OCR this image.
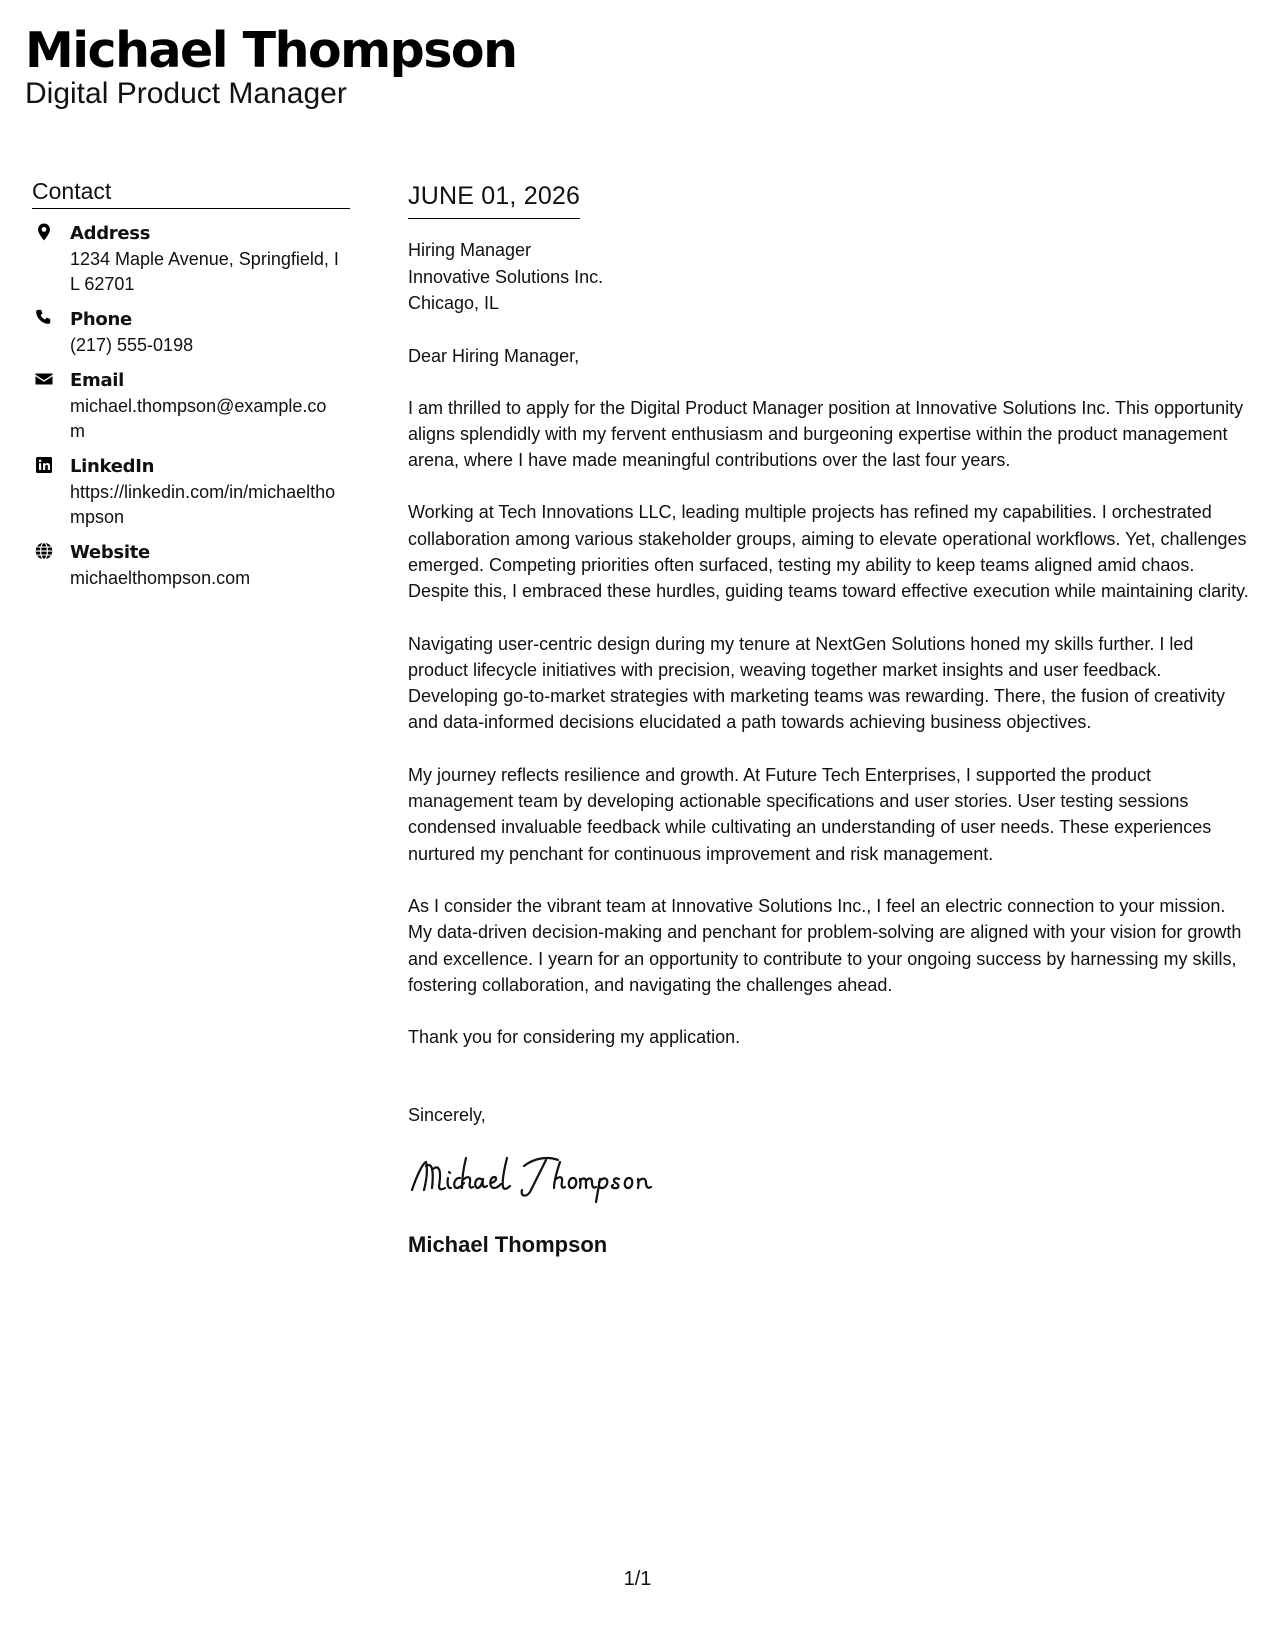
Michael Thompson
Digital Product Manager
Contact
Address
1234 Maple Avenue, Springfield, IL 62701
Phone
(217) 555-0198
Email
michael.thompson@example.com
LinkedIn
https://linkedin.com/in/michaelthompson
Website
michaelthompson.com
JUNE 01, 2026
Hiring Manager
Innovative Solutions Inc.
Chicago, IL
Dear Hiring Manager,
I am thrilled to apply for the Digital Product Manager position at Innovative Solutions Inc. This opportunity aligns splendidly with my fervent enthusiasm and burgeoning expertise within the product management arena, where I have made meaningful contributions over the last four years.
Working at Tech Innovations LLC, leading multiple projects has refined my capabilities. I orchestrated collaboration among various stakeholder groups, aiming to elevate operational workflows. Yet, challenges emerged. Competing priorities often surfaced, testing my ability to keep teams aligned amid chaos. Despite this, I embraced these hurdles, guiding teams toward effective execution while maintaining clarity.
Navigating user-centric design during my tenure at NextGen Solutions honed my skills further. I led product lifecycle initiatives with precision, weaving together market insights and user feedback. Developing go-to-market strategies with marketing teams was rewarding. There, the fusion of creativity and data-informed decisions elucidated a path towards achieving business objectives.
My journey reflects resilience and growth. At Future Tech Enterprises, I supported the product management team by developing actionable specifications and user stories. User testing sessions condensed invaluable feedback while cultivating an understanding of user needs. These experiences nurtured my penchant for continuous improvement and risk management.
As I consider the vibrant team at Innovative Solutions Inc., I feel an electric connection to your mission. My data-driven decision-making and penchant for problem-solving are aligned with your vision for growth and excellence. I yearn for an opportunity to contribute to your ongoing success by harnessing my skills, fostering collaboration, and navigating the challenges ahead.
Thank you for considering my application.
Sincerely,
Michael Thompson
1/1
